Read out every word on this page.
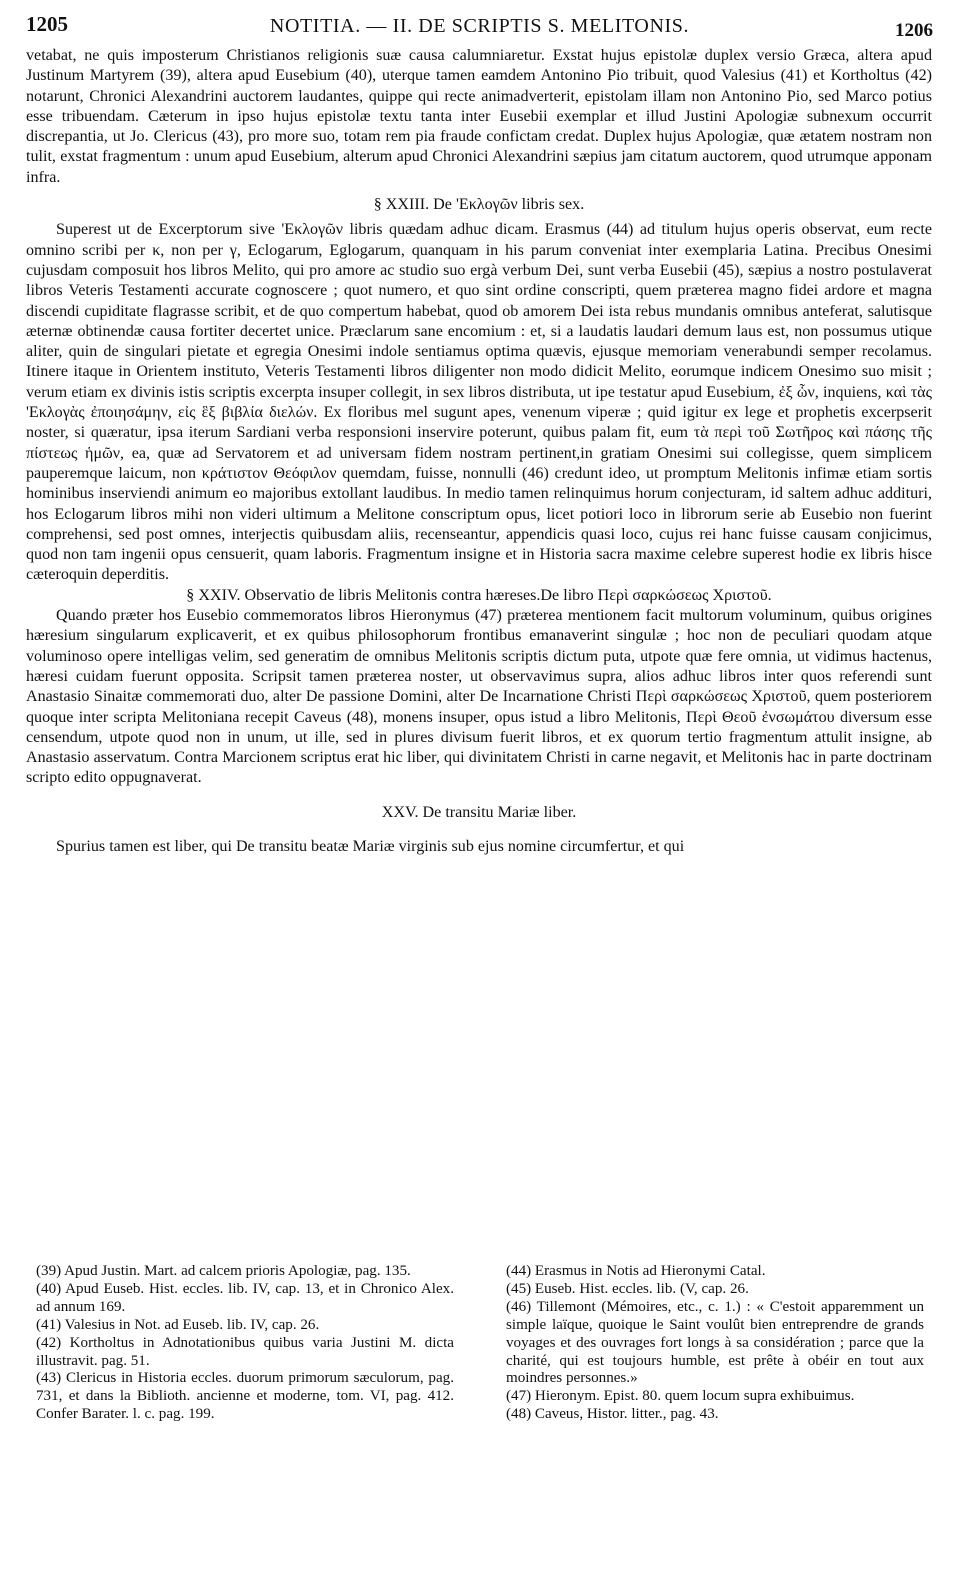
1205	NOTITIA. — II. DE SCRIPTIS S. MELITONIS.	1206

vetabat, ne quis imposterum Christianos religionis suæ causa calumniaretur. Exstat hujus epistolæ duplex versio Græca, altera apud Justinum Martyrem (39), altera apud Eusebium (40), uterque tamen eamdem Antonino Pio tribuit, quod Valesius (41) et Kortholtus (42) notarunt, Chronici Alexandrini auctorem laudantes, quippe qui recte animadverterit, epistolam illam non Antonino Pio, sed Marco potius esse tribuendam. Cæterum in ipso hujus epistolæ textu tanta inter Eusebii exemplar et illud Justini Apologiæ subnexum occurrit discrepantia, ut Jo. Clericus (43), pro more suo, totam rem pia fraude confictam credat. Duplex hujus Apologiæ, quæ ætatem nostram non tulit, exstat fragmentum : unum apud Eusebium, alterum apud Chronici Alexandrini sæpius jam citatum auctorem, quod utrumque apponam infra.

§ XXIII. De 'Εκλογῶν libris sex.

Superest ut de Excerptorum sive 'Εκλογῶν libris quædam adhuc dicam. Erasmus (44) ad titulum hujus operis observat, eum recte omnino scribi per κ, non per γ, Eclogarum, Eglogarum, quanquam in his parum conveniat inter exemplaria Latina. Precibus Onesimi cujusdam composuit hos libros Melito, qui pro amore ac studio suo ergà verbum Dei, sunt verba Eusebii (45), sæpius a nostro postulaverat libros Veteris Testamenti accurate cognoscere ; quot numero, et quo sint ordine conscripti, quem præterea magno fidei ardore et magna discendi cupiditate flagrasse scribit, et de quo compertum habebat, quod ob amorem Dei ista rebus mundanis omnibus anteferat, salutisque æternæ obtinendæ causa fortiter decertet unice. Præclarum sane encomium : et, si a laudatis laudari demum laus est, non possumus utique aliter, quin de singulari pietate et egregia Onesimi indole sentiamus optima quævis, ejusque memoriam venerabundi semper recolamus. Itinere itaque in Orientem instituto, Veteris Testamenti libros diligenter non modo didicit Melito, eorumque indicem Onesimo suo misit ; verum etiam ex divinis istis scriptis excerpta insuper collegit, in sex libros distributa, ut ipe testatur apud Eusebium, ἐξ ὧν, inquiens, καὶ τὰς 'Εκλογὰς ἐποιησάμην, εἰς ἓξ βιβλία διελών. Ex floribus mel sugunt apes, venenum viperæ ; quid igitur ex lege et prophetis excerpserit noster, si quæratur, ipsa iterum Sardiani verba responsioni inservire poterunt, quibus palam fit, eum τὰ περὶ τοῦ Σωτῆρος καὶ πάσης τῆς πίστεως ἡμῶν, ea, quæ ad Servatorem et ad universam fidem nostram pertinent,in gratiam Onesimi sui collegisse, quem simplicem pauperemque laicum, non κράτιστον Θεόφιλον quemdam, fuisse, nonnulli (46) credunt ideo, ut promptum Melitonis infimæ etiam sortis hominibus inserviendi animum eo majoribus extollant laudibus. In medio tamen relinquimus horum conjecturam, id saltem adhuc addituri, hos Eclogarum libros mihi non videri ultimum a Melitone conscriptum opus, licet potiori loco in librorum serie ab Eusebio non fuerint comprehensi, sed post omnes, interjectis quibusdam aliis, recenseantur, appendicis quasi loco, cujus rei hanc fuisse causam conjicimus, quod non tam ingenii opus censuerit, quam laboris. Fragmentum insigne et in Historia sacra maxime celebre superest hodie ex libris hisce cæteroquin deperditis.

§ XXIV. Observatio de libris Melitonis contra hæreses.De libro Περὶ σαρκώσεως Χριστοῦ.

Quando præter hos Eusebio commemoratos libros Hieronymus (47) præterea mentionem facit multorum voluminum, quibus origines hæresium singularum explicaverit, et ex quibus philosophorum frontibus emanaverint singulæ ; hoc non de peculiari quodam atque voluminoso opere intelligas velim, sed generatim de omnibus Melitonis scriptis dictum puta, utpote quæ fere omnia, ut vidimus hactenus, hæresi cuidam fuerunt opposita. Scripsit tamen præterea noster, ut observavimus supra, alios adhuc libros inter quos referendi sunt Anastasio Sinaitæ commemorati duo, alter De passione Domini, alter De Incarnatione Christi Περὶ σαρκώσεως Χριστοῦ, quem posteriorem quoque inter scripta Melitoniana recepit Caveus (48), monens insuper, opus istud a libro Melitonis, Περὶ Θεοῦ ἐνσωμάτου diversum esse censendum, utpote quod non in unum, ut ille, sed in plures divisum fuerit libros, et ex quorum tertio fragmentum attulit insigne, ab Anastasio asservatum. Contra Marcionem scriptus erat hic liber, qui divinitatem Christi in carne negavit, et Melitonis hac in parte doctrinam scripto edito oppugnaverat.

XXV. De transitu Mariæ liber.

Spurius tamen est liber, qui De transitu beatæ Mariæ virginis sub ejus nomine circumfertur, et qui

(39) Apud Justin. Mart. ad calcem prioris Apologiæ, pag. 135.

(40) Apud Euseb. Hist. eccles. lib. IV, cap. 13, et in Chronico Alex. ad annum 169.

(41) Valesius in Not. ad Euseb. lib. IV, cap. 26.

(42) Kortholtus in Adnotationibus quibus varia Justini M. dicta illustravit. pag. 51.

(43) Clericus in Historia eccles. duorum primorum sæculorum, pag. 731, et dans la Biblioth. ancienne et moderne, tom. VI, pag. 412. Confer Barater. l. c. pag. 199.

(44) Erasmus in Notis ad Hieronymi Catal.

(45) Euseb. Hist. eccles. lib. (V, cap. 26.

(46) Tillemont (Mémoires, etc., c. 1.) : « C'estoit apparemment un simple laïque, quoique le Saint voulût bien entreprendre de grands voyages et des ouvrages fort longs à sa considération ; parce que la charité, qui est toujours humble, est prête à obéir en tout aux moindres personnes.»

(47) Hieronym. Epist. 80. quem locum supra exhibuimus.

(48) Caveus, Histor. litter., pag. 43.
